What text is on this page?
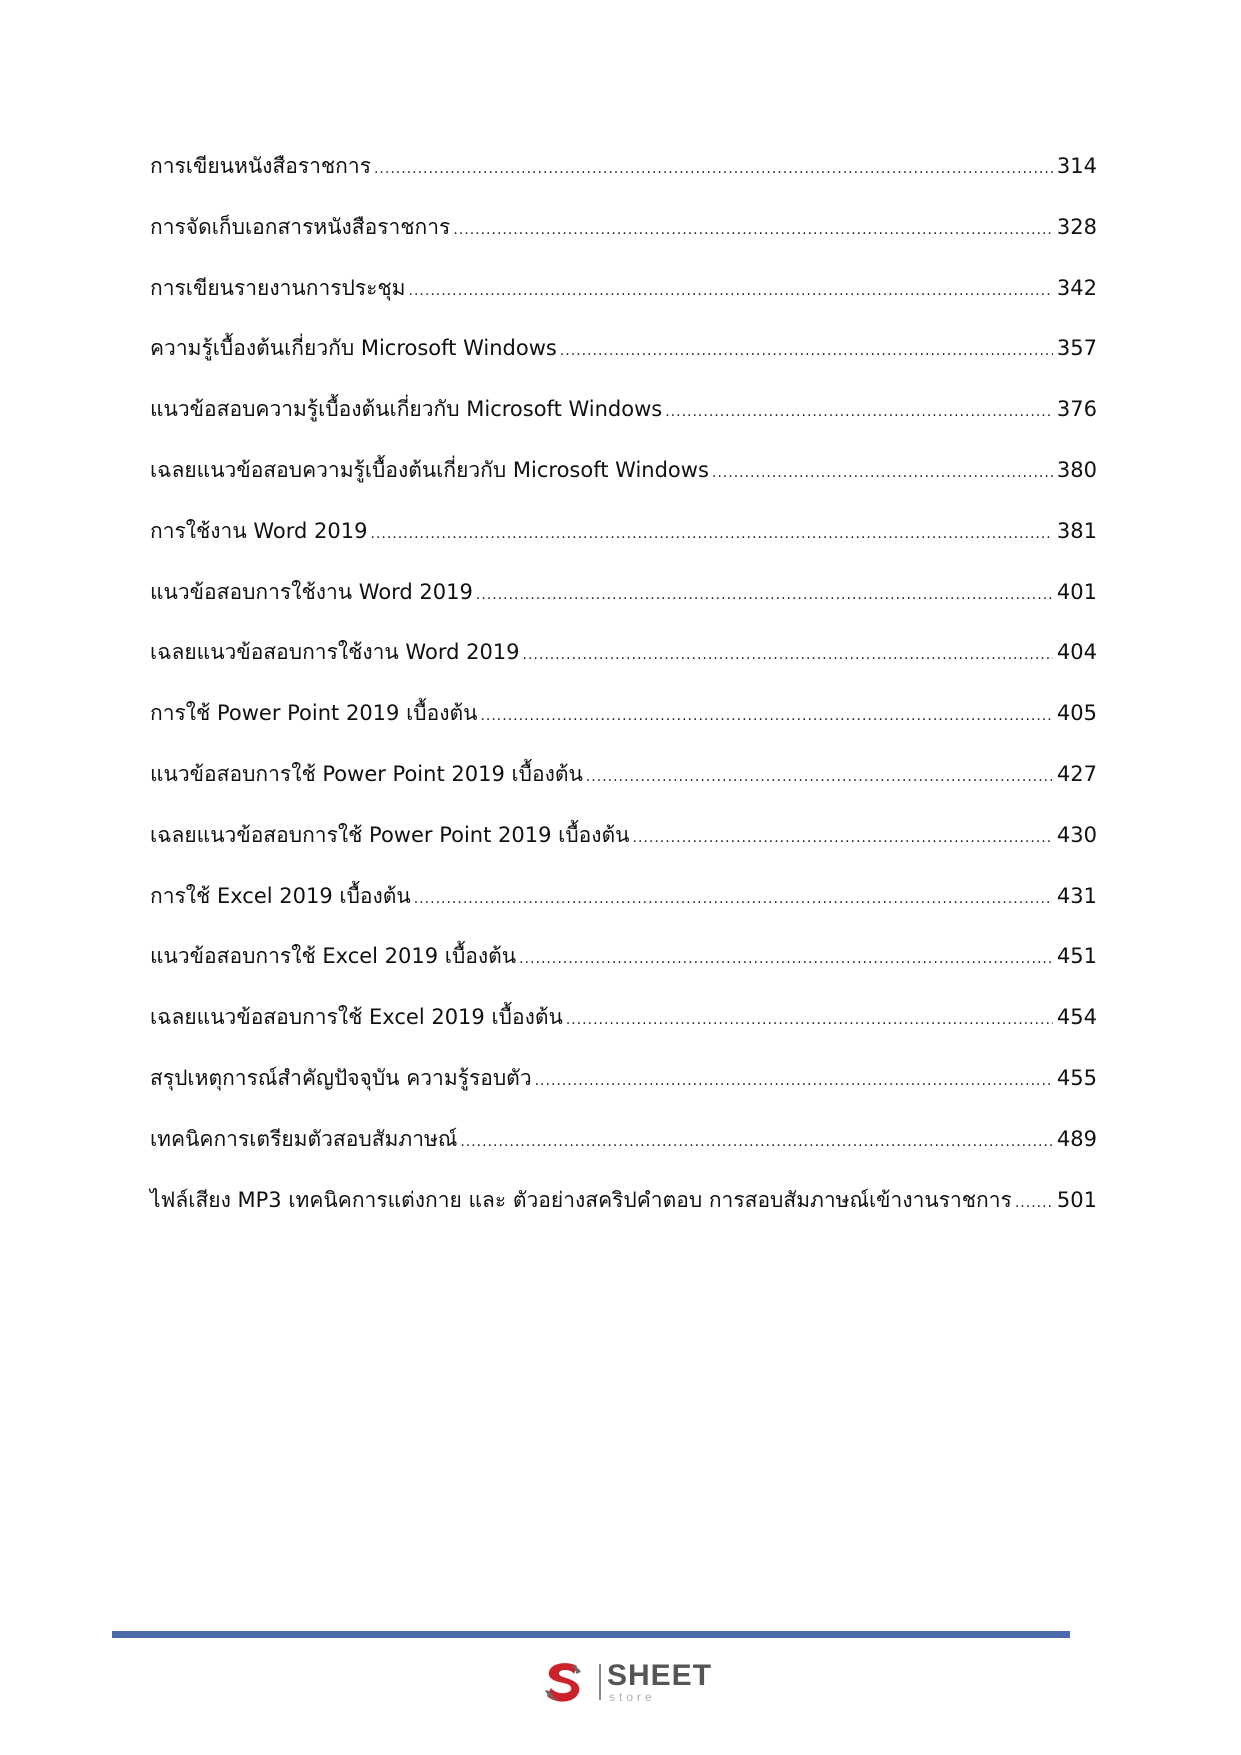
การเขียนหนังสือราชการ .....	314
การจัดเก็บเอกสารหนังสือราชการ .....	328
การเขียนรายงานการประชุม .....	342
ความรู้เบื้องต้นเกี่ยวกับ Microsoft Windows .....	357
แนวข้อสอบความรู้เบื้องต้นเกี่ยวกับ Microsoft Windows .....	376
เฉลยแนวข้อสอบความรู้เบื้องต้นเกี่ยวกับ Microsoft Windows .....	380
การใช้งาน Word 2019 .....	381
แนวข้อสอบการใช้งาน Word 2019 .....	401
เฉลยแนวข้อสอบการใช้งาน Word 2019 .....	404
การใช้ Power Point 2019 เบื้องต้น .....	405
แนวข้อสอบการใช้ Power Point 2019 เบื้องต้น .....	427
เฉลยแนวข้อสอบการใช้ Power Point 2019 เบื้องต้น .....	430
การใช้ Excel 2019 เบื้องต้น .....	431
แนวข้อสอบการใช้ Excel 2019 เบื้องต้น .....	451
เฉลยแนวข้อสอบการใช้ Excel 2019 เบื้องต้น .....	454
สรุปเหตุการณ์สำคัญปัจจุบัน ความรู้รอบตัว .....	455
เทคนิคการเตรียมตัวสอบสัมภาษณ์ .....	489
ไฟล์เสียง MP3 เทคนิคการแต่งกาย และ ตัวอย่างสคริปคำตอบ การสอบสัมภาษณ์เข้างานราชการ ..... 501
SHEET
store
